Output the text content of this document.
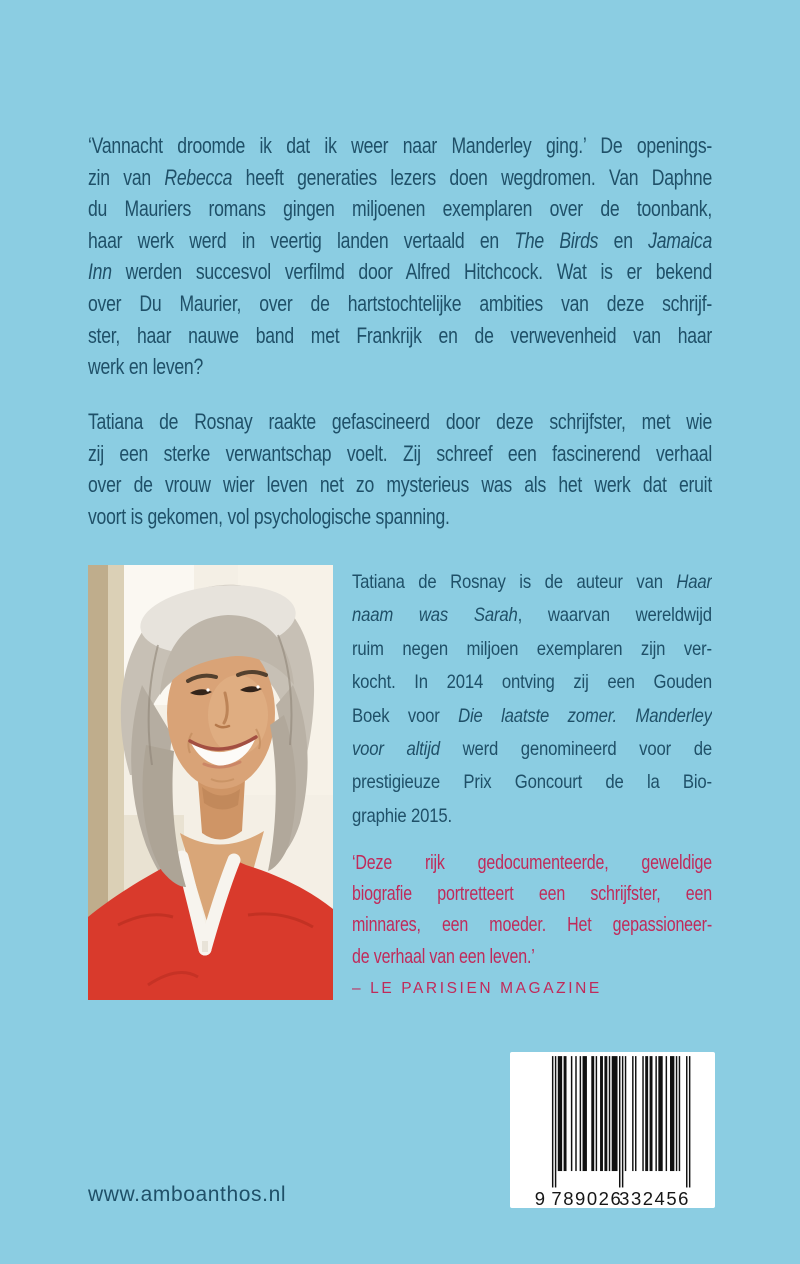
‘Vannacht droomde ik dat ik weer naar Manderley ging.’ De openings-
zin van Rebecca heeft generaties lezers doen wegdromen. Van Daphne
du Mauriers romans gingen miljoenen exemplaren over de toonbank,
haar werk werd in veertig landen vertaald en The Birds en Jamaica
Inn werden succesvol verfilmd door Alfred Hitchcock. Wat is er bekend
over Du Maurier, over de hartstochtelijke ambities van deze schrijf-
ster, haar nauwe band met Frankrijk en de verwevenheid van haar
werk en leven?
Tatiana de Rosnay raakte gefascineerd door deze schrijfster, met wie
zij een sterke verwantschap voelt. Zij schreef een fascinerend verhaal
over de vrouw wier leven net zo mysterieus was als het werk dat eruit
voort is gekomen, vol psychologische spanning.
Tatiana de Rosnay is de auteur van Haar
naam was Sarah, waarvan wereldwijd
ruim negen miljoen exemplaren zijn ver-
kocht. In 2014 ontving zij een Gouden
Boek voor Die laatste zomer. Manderley
voor altijd werd genomineerd voor de
prestigieuze Prix Goncourt de la Bio-
graphie 2015.
‘Deze rijk gedocumenteerde, geweldige
biografie portretteert een schrijfster, een
minnares, een moeder. Het gepassioneer-
de verhaal van een leven.’
– LE PARISIEN MAGAZINE
9 789026
332456
www.amboanthos.nl
